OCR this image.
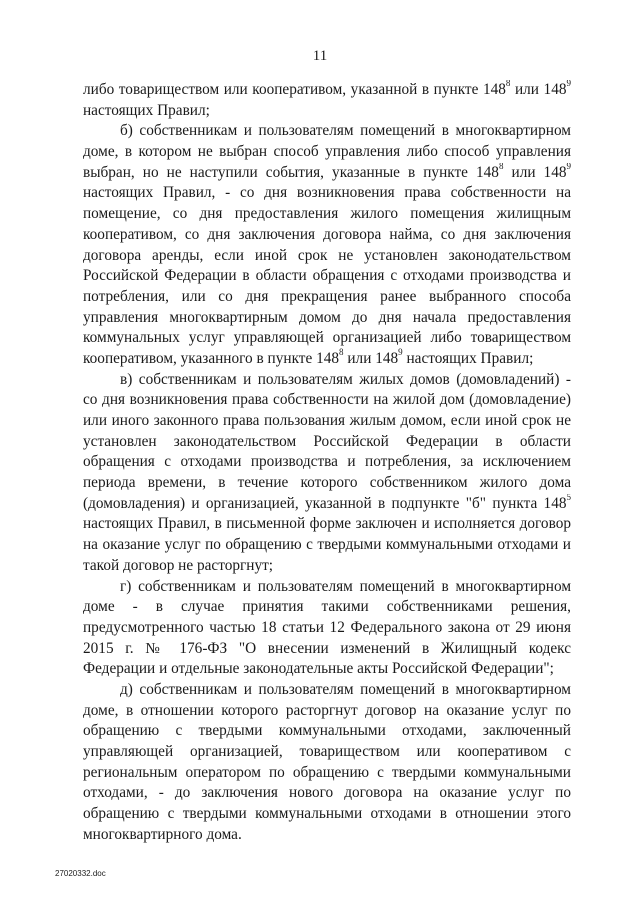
11
либо товариществом или кооперативом, указанной в пункте $148^8$ или $148^9$
настоящих Правил;
б) собственникам и пользователям помещений в многоквартирном
доме, в котором не выбран способ управления либо способ управления
выбран, но не наступили события, указанные в пункте $148^8$ или $148^9$
настоящих Правил, - со дня возникновения права собственности на
помещение, со дня предоставления жилого помещения жилищным
кооперативом, со дня заключения договора найма, со дня заключения
договора аренды, если иной срок не установлен законодательством
Российской Федерации в области обращения с отходами производства и
потребления, или со дня прекращения ранее выбранного способа
управления многоквартирным домом до дня начала предоставления
коммунальных услуг управляющей организацией либо товариществом
кооперативом, указанного в пункте $148^8$ или $148^9$ настоящих Правил;
в) собственникам и пользователям жилых домов (домовладений) -
со дня возникновения права собственности на жилой дом (домовладение)
или иного законного права пользования жилым домом, если иной срок не
установлен законодательством Российской Федерации в области
обращения с отходами производства и потребления, за исключением
периода времени, в течение которого собственником жилого дома
(домовладения) и организацией, указанной в подпункте "б" пункта $148^5$
настоящих Правил, в письменной форме заключен и исполняется договор
на оказание услуг по обращению с твердыми коммунальными отходами и
такой договор не расторгнут;
г) собственникам и пользователям помещений в многоквартирном
доме - в случае принятия такими собственниками решения,
предусмотренного частью 18 статьи 12 Федерального закона от 29 июня
2015 г. № 176-ФЗ "О внесении изменений в Жилищный кодекс
Федерации и отдельные законодательные акты Российской Федерации";
д) собственникам и пользователям помещений в многоквартирном
доме, в отношении которого расторгнут договор на оказание услуг по
обращению с твердыми коммунальными отходами, заключенный
управляющей организацией, товариществом или кооперативом с
региональным оператором по обращению с твердыми коммунальными
отходами, - до заключения нового договора на оказание услуг по
обращению с твердыми коммунальными отходами в отношении этого
многоквартирного дома.
27020332.doc
